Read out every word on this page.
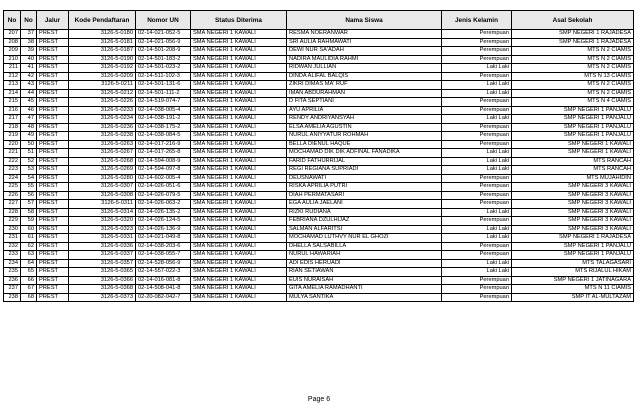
No	No	Jalur	Kode Pendaftaran	Nomor UN	Status Diterima	Nama Siswa	Jenis Kelamin	Asal Sekolah
207	37	PREST	3126-5-0180	02-14-021-052-5	SMA NEGERI 1 KAWALI	RESMA NOERANWAR	Perempuan	SMP NEGERI 1 RAJADESA
208	38	PREST	3126-5-0181	02-14-021-056-9	SMA NEGERI 1 KAWALI	SRI AULIA RAHMAWATI	Perempuan	SMP NEGERI 1 RAJADESA
209	39	PREST	3126-5-0187	02-14-501-208-9	SMA NEGERI 1 KAWALI	DEWI NUR SA'ADAH	Perempuan	MTS N 2 CIAMIS
210	40	PREST	3126-5-0190	02-14-501-183-2	SMA NEGERI 1 KAWALI	NADIRA MAULIDIA RAHMI	Perempuan	MTS N 2 CIAMIS
211	41	PREST	3126-5-0192	02-14-501-023-2	SMA NEGERI 1 KAWALI	RIDWAN JULLIAN	Laki Laki	MTS N 2 CIAMIS
212	42	PREST	3126-5-0209	02-14-511-102-3	SMA NEGERI 1 KAWALI	DINDA ALIFAL BALQIS	Perempuan	MTS N 13 CIAMIS
213	43	PREST	3126-5-0211	02-14-501-131-6	SMA NEGERI 1 KAWALI	ZIKRI DIMAS MA' RUF	Laki Laki	MTS N 2 CIAMIS
214	44	PREST	3126-5-0212	02-14-501-111-2	SMA NEGERI 1 KAWALI	IMAN ABDURAHMAN	Laki Laki	MTS N 2 CIAMIS
215	45	PREST	3126-5-0226	02-14-519-074-7	SMA NEGERI 1 KAWALI	D FITA SEPTIANI	Perempuan	MTS N 4 CIAMIS
216	46	PREST	3126-5-0233	02-14-038-005-4	SMA NEGERI 1 KAWALI	AYU APRILIA	Perempuan	SMP NEGERI 1 PANJALU
217	47	PREST	3126-5-0234	02-14-038-191-2	SMA NEGERI 1 KAWALI	RENDY ANDRIYANSYAH	Laki Laki	SMP NEGERI 1 PANJALU
218	48	PREST	3126-5-0236	02-14-038-175-2	SMA NEGERI 1 KAWALI	ELSA AMELIA AGUSTIN	Perempuan	SMP NEGERI 1 PANJALU
219	49	PREST	3126-5-0238	02-14-038-084-5	SMA NEGERI 1 KAWALI	NURUL ANIYYATUR ROHMAH	Perempuan	SMP NEGERI 1 PANJALU
220	50	PREST	3126-5-0263	02-14-017-216-9	SMA NEGERI 1 KAWALI	BELLA DIENUL HAQUE	Perempuan	SMP NEGERI 1 KAWALI
221	51	PREST	3126-5-0267	02-14-017-265-8	SMA NEGERI 1 KAWALI	MOCHAMAD DIK DIK ADFINAL FANADIKA	Laki Laki	SMP NEGERI 1 KAWALI
222	52	PREST	3126-5-0268	02-14-594-008-9	SMA NEGERI 1 KAWALI	FARID FATHURRIJAL	Laki Laki	MTS RANCAH
223	53	PREST	3126-5-0269	02-14-594-097-8	SMA NEGERI 1 KAWALI	REGI REGIANA SUPRIADI	Laki Laki	MTS RANCAH
224	54	PREST	3126-5-0280	02-14-602-005-4	SMA NEGERI 1 KAWALI	DEUSNAWATI	Perempuan	MTS MUJAHIDIN
225	55	PREST	3126-5-0307	02-14-026-051-6	SMA NEGERI 1 KAWALI	RISKA APRILIA PUTRI	Perempuan	SMP NEGERI 3 KAWALI
226	56	PREST	3126-5-0308	02-14-026-079-5	SMA NEGERI 1 KAWALI	DIAH PERMATASARI	Perempuan	SMP NEGERI 3 KAWALI
227	57	PREST	3126-5-0311	02-14-026-063-2	SMA NEGERI 1 KAWALI	EGA AULIA JAELANI	Perempuan	SMP NEGERI 3 KAWALI
228	58	PREST	3126-5-0314	02-14-026-135-2	SMA NEGERI 1 KAWALI	RIZKI RUDIANA	Laki Laki	SMP NEGERI 3 KAWALI
229	59	PREST	3126-5-0320	02-14-026-124-5	SMA NEGERI 1 KAWALI	FEBRIANA DZULHIJAZ	Perempuan	SMP NEGERI 3 KAWALI
230	60	PREST	3126-5-0323	02-14-026-136-9	SMA NEGERI 1 KAWALI	SALMAN ALFARITSI	Laki Laki	SMP NEGERI 3 KAWALI
231	61	PREST	3126-5-0331	02-14-021-049-8	SMA NEGERI 1 KAWALI	MOCHAMAD LUTHVY NUR EL GHOZI	Laki Laki	SMP NEGERI 1 RAJADESA
232	62	PREST	3126-5-0336	02-14-038-203-6	SMA NEGERI 1 KAWALI	DHELLA SALSABILLA	Perempuan	SMP NEGERI 1 PANJALU
233	63	PREST	3126-5-0337	02-14-038-055-7	SMA NEGERI 1 KAWALI	NURUL HAWARIAH	Perempuan	SMP NEGERI 1 PANJALU
234	64	PREST	3126-5-0357	02-14-528-056-9	SMA NEGERI 1 KAWALI	ADI EDIS HERUADI	Laki Laki	MTS TALAGASARI
235	65	PREST	3126-5-0365	02-14-557-022-3	SMA NEGERI 1 KAWALI	RIAN SETIAWAN	Laki Laki	MTS RIJALUL HIKAM
236	66	PREST	3126-5-0366	02-14-016-081-8	SMA NEGERI 1 KAWALI	EUIS NURAISAH	Perempuan	SMP NEGERI 1 JATINAGARA
237	67	PREST	3126-5-0368	02-14-508-041-8	SMA NEGERI 1 KAWALI	GITA AMELIA RAMADHANTI	Perempuan	MTS N 11 CIAMIS
238	68	PREST	3126-5-0373	02-20-082-042-7	SMA NEGERI 1 KAWALI	MULYA SANTIKA	Perempuan	SMP IT AL-MULTAZAM
Page 6
